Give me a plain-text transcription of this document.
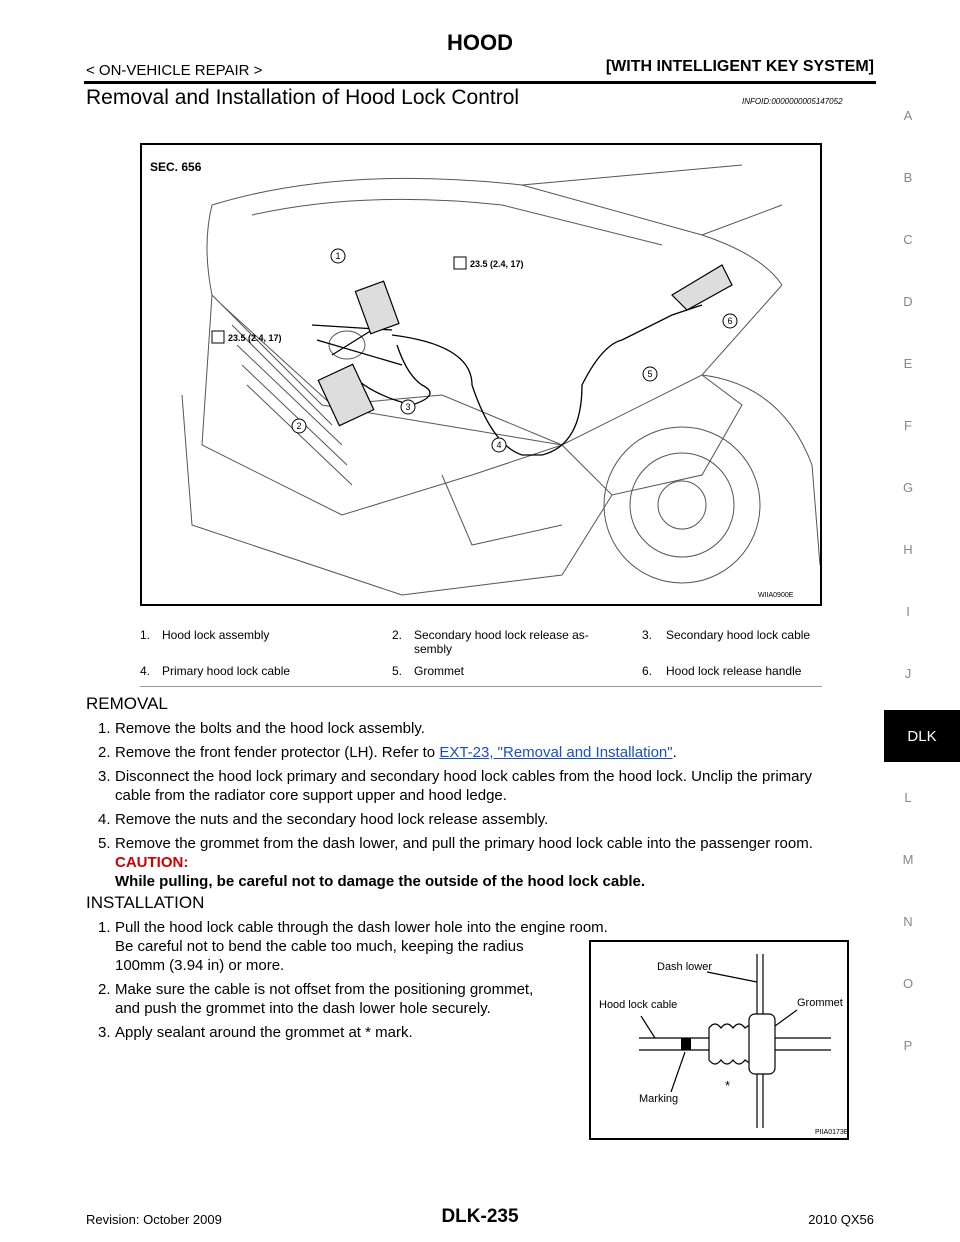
HOOD
< ON-VEHICLE REPAIR >	[WITH INTELLIGENT KEY SYSTEM]
Removal and Installation of Hood Lock Control	INFOID:0000000005147052
A
B
C
D
E
F
G
H
I
J
DLK
L
M
N
O
P
SEC. 656
23.5 (2.4, 17)
23.5 (2.4, 17)
1
2
3
4
5
6
WIIA0900E
1.	Hood lock assembly	2.	Secondary hood lock release as-
sembly	3.	Secondary hood lock cable
4.	Primary hood lock cable	5.	Grommet	6.	Hood lock release handle
REMOVAL
1. Remove the bolts and the hood lock assembly.
2. Remove the front fender protector (LH). Refer to EXT-23, "Removal and Installation".
3. Disconnect the hood lock primary and secondary hood lock cables from the hood lock. Unclip the primary
cable from the radiator core support upper and hood ledge.
4. Remove the nuts and the secondary hood lock release assembly.
5. Remove the grommet from the dash lower, and pull the primary hood lock cable into the passenger room.
CAUTION:
While pulling, be careful not to damage the outside of the hood lock cable.
INSTALLATION
1. Pull the hood lock cable through the dash lower hole into the engine room.
Be careful not to bend the cable too much, keeping the radius
100mm (3.94 in) or more.
2. Make sure the cable is not offset from the positioning grommet,
and push the grommet into the dash lower hole securely.
3. Apply sealant around the grommet at * mark.
Dash lower
Grommet
Hood lock cable
Marking
*
PIIA0173E
Revision: October 2009	DLK-235	2010 QX56
